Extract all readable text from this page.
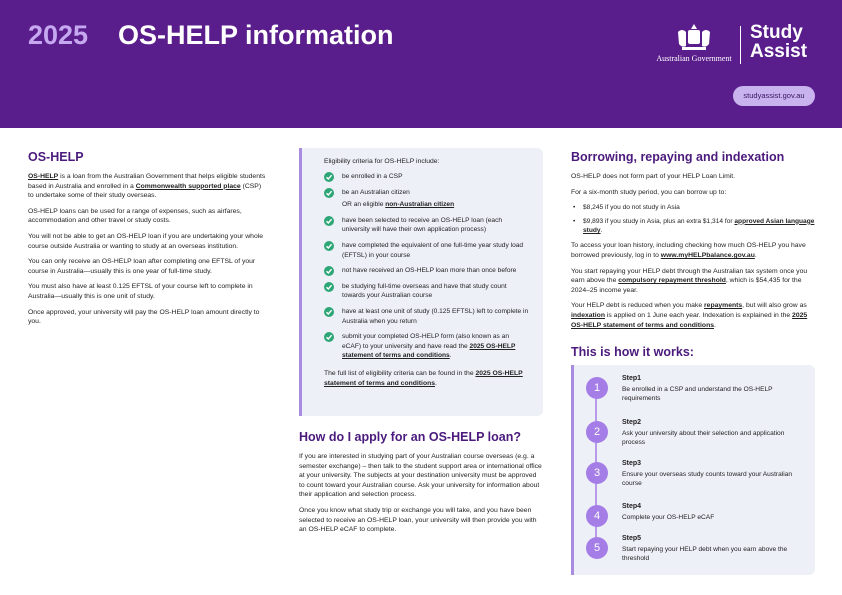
2025 OS-HELP information
Australian Government
Study
Assist
studyassist.gov.au
OS-HELP

OS-HELP is a loan from the Australian Government that helps eligible students based in Australia and enrolled in a Commonwealth supported place (CSP) to undertake some of their study overseas.

OS-HELP loans can be used for a range of expenses, such as airfares, accommodation and other travel or study costs.

You will not be able to get an OS-HELP loan if you are undertaking your whole course outside Australia or wanting to study at an overseas institution.

You can only receive an OS-HELP loan after completing one EFTSL of your course in Australia—usually this is one year of full-time study.

You must also have at least 0.125 EFTSL of your course left to complete in Australia—usually this is one unit of study.

Once approved, your university will pay the OS-HELP loan amount directly to you.

Eligibility criteria for OS-HELP include:
be enrolled in a CSP
be an Australian citizen
OR an eligible non-Australian citizen
have been selected to receive an OS-HELP loan (each university will have their own application process)
have completed the equivalent of one full-time year study load (EFTSL) in your course
not have received an OS-HELP loan more than once before
be studying full-time overseas and have that study count towards your Australian course
have at least one unit of study (0.125 EFTSL) left to complete in Australia when you return
submit your completed OS-HELP form (also known as an eCAF) to your university and have read the 2025 OS-HELP statement of terms and conditions.
The full list of eligibility criteria can be found in the 2025 OS-HELP statement of terms and conditions.
How do I apply for an OS-HELP loan?

If you are interested in studying part of your Australian course overseas (e.g. a semester exchange) – then talk to the student support area or international office at your university. The subjects at your destination university must be approved to count toward your Australian course. Ask your university for information about their application and selection process.

Once you know what study trip or exchange you will take, and you have been selected to receive an OS-HELP loan, your university will then provide you with an OS-HELP eCAF to complete.

Borrowing, repaying and indexation

OS-HELP does not form part of your HELP Loan Limit.

For a six-month study period, you can borrow up to:

• $8,245 if you do not study in Asia
• $9,893 if you study in Asia, plus an extra $1,314 for approved Asian language study.

To access your loan history, including checking how much OS-HELP you have borrowed previously, log in to www.myHELPbalance.gov.au.

You start repaying your HELP debt through the Australian tax system once you earn above the compulsory repayment threshold, which is $54,435 for the 2024–25 income year.

Your HELP debt is reduced when you make repayments, but will also grow as indexation is applied on 1 June each year. Indexation is explained in the 2025 OS-HELP statement of terms and conditions.

This is how it works:
1
Step1
Be enrolled in a CSP and understand the OS-HELP requirements
2
Step2
Ask your university about their selection and application process
3
Step3
Ensure your overseas study counts toward your Australian course
4
Step4
Complete your OS-HELP eCAF
5
Step5
Start repaying your HELP debt when you earn above the threshold
